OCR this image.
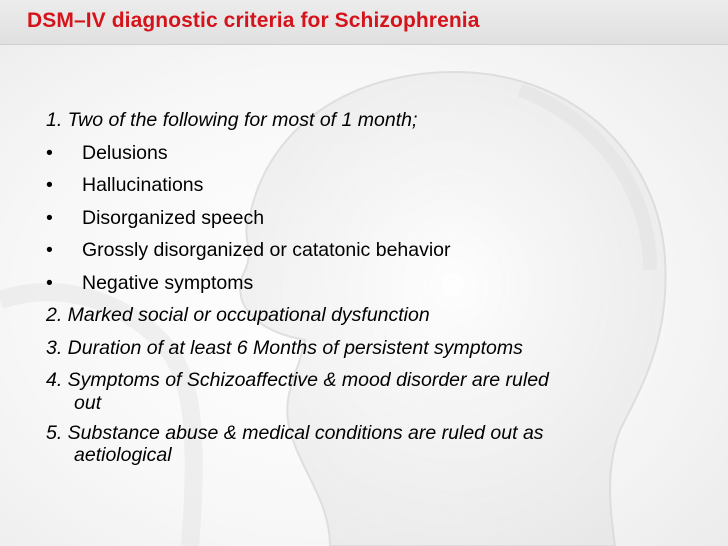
DSM–IV diagnostic criteria for Schizophrenia
1. Two of the following for most of 1 month;
• Delusions
• Hallucinations
• Disorganized speech
• Grossly disorganized or catatonic behavior
• Negative symptoms
2. Marked social or occupational dysfunction
3. Duration of at least 6 Months of persistent symptoms
4. Symptoms of Schizoaffective & mood disorder are ruled
out
5. Substance abuse & medical conditions are ruled out as
aetiological
